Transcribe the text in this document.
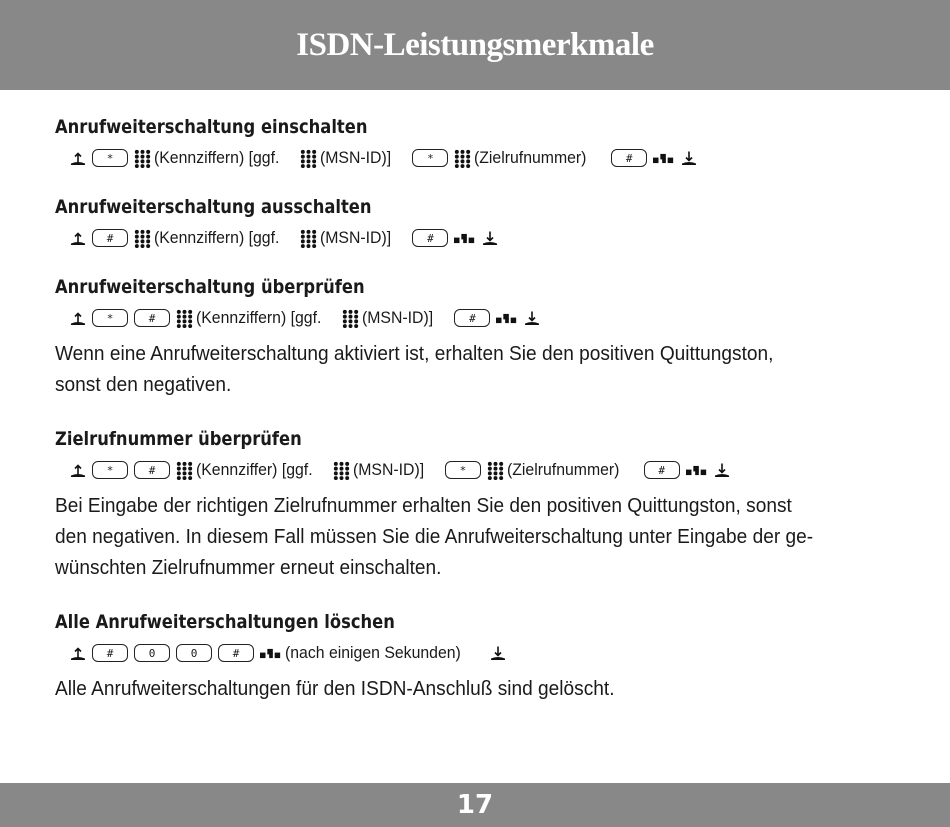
ISDN-Leistungsmerkmale
Anrufweiterschaltung einschalten
*	(Kennziffern) [ggf.
(MSN-ID)]
	*	(Zielrufnummer)
	#
Anrufweiterschaltung ausschalten
#	(Kennziffern) [ggf.
(MSN-ID)]
	#
Anrufweiterschaltung überprüfen
*	#	(Kennziffern) [ggf.
(MSN-ID)]
	#
Wenn eine Anrufweiterschaltung aktiviert ist, erhalten Sie den positiven Quittungston,
sonst den negativen.
Zielrufnummer überprüfen
*	#	(Kennziffer) [ggf.
(MSN-ID)]
	*	(Zielrufnummer)
	#
Bei Eingabe der richtigen Zielrufnummer erhalten Sie den positiven Quittungston, sonst
den negativen. In diesem Fall müssen Sie die Anrufweiterschaltung unter Eingabe der ge-
wünschten Zielrufnummer erneut einschalten.
Alle Anrufweiterschaltungen löschen
#	0	0	#	(nach einigen Sekunden)

Alle Anrufweiterschaltungen für den ISDN-Anschluß sind gelöscht.
17
